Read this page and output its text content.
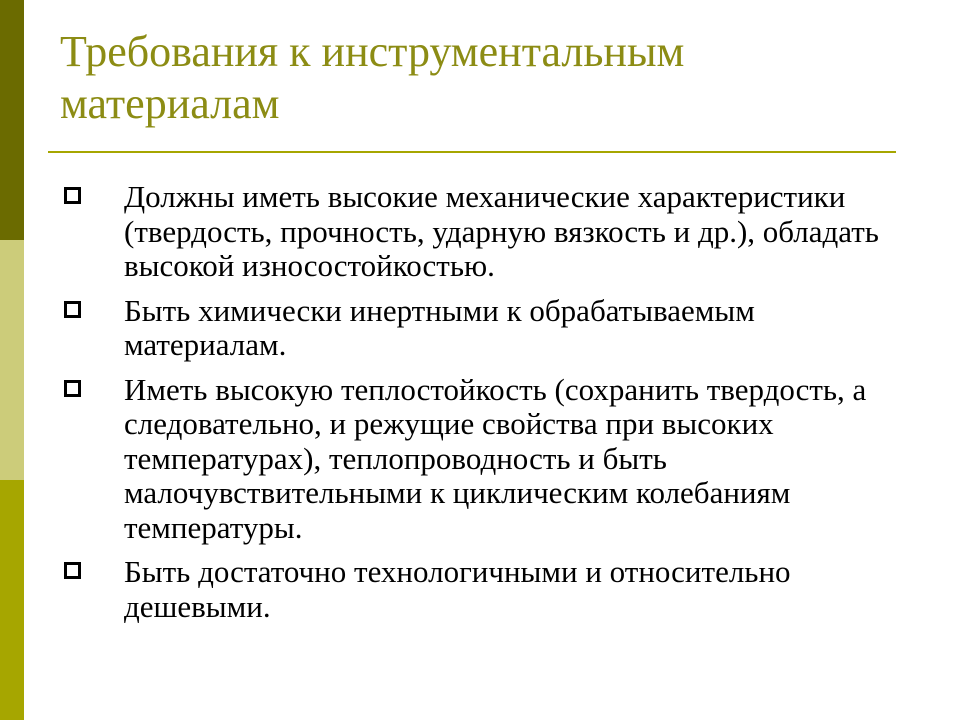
Требования к инструментальным материалам
Должны иметь высокие механические характеристики (твердость, прочность, ударную вязкость и др.), обладать высокой износостойкостью.
Быть химически инертными к обрабатываемым материалам.
Иметь высокую теплостойкость (сохранить твердость, а следовательно, и режущие свойства при высоких температурах), теплопроводность и быть малочувствительными к циклическим колебаниям температуры.
Быть достаточно технологичными и относительно дешевыми.
